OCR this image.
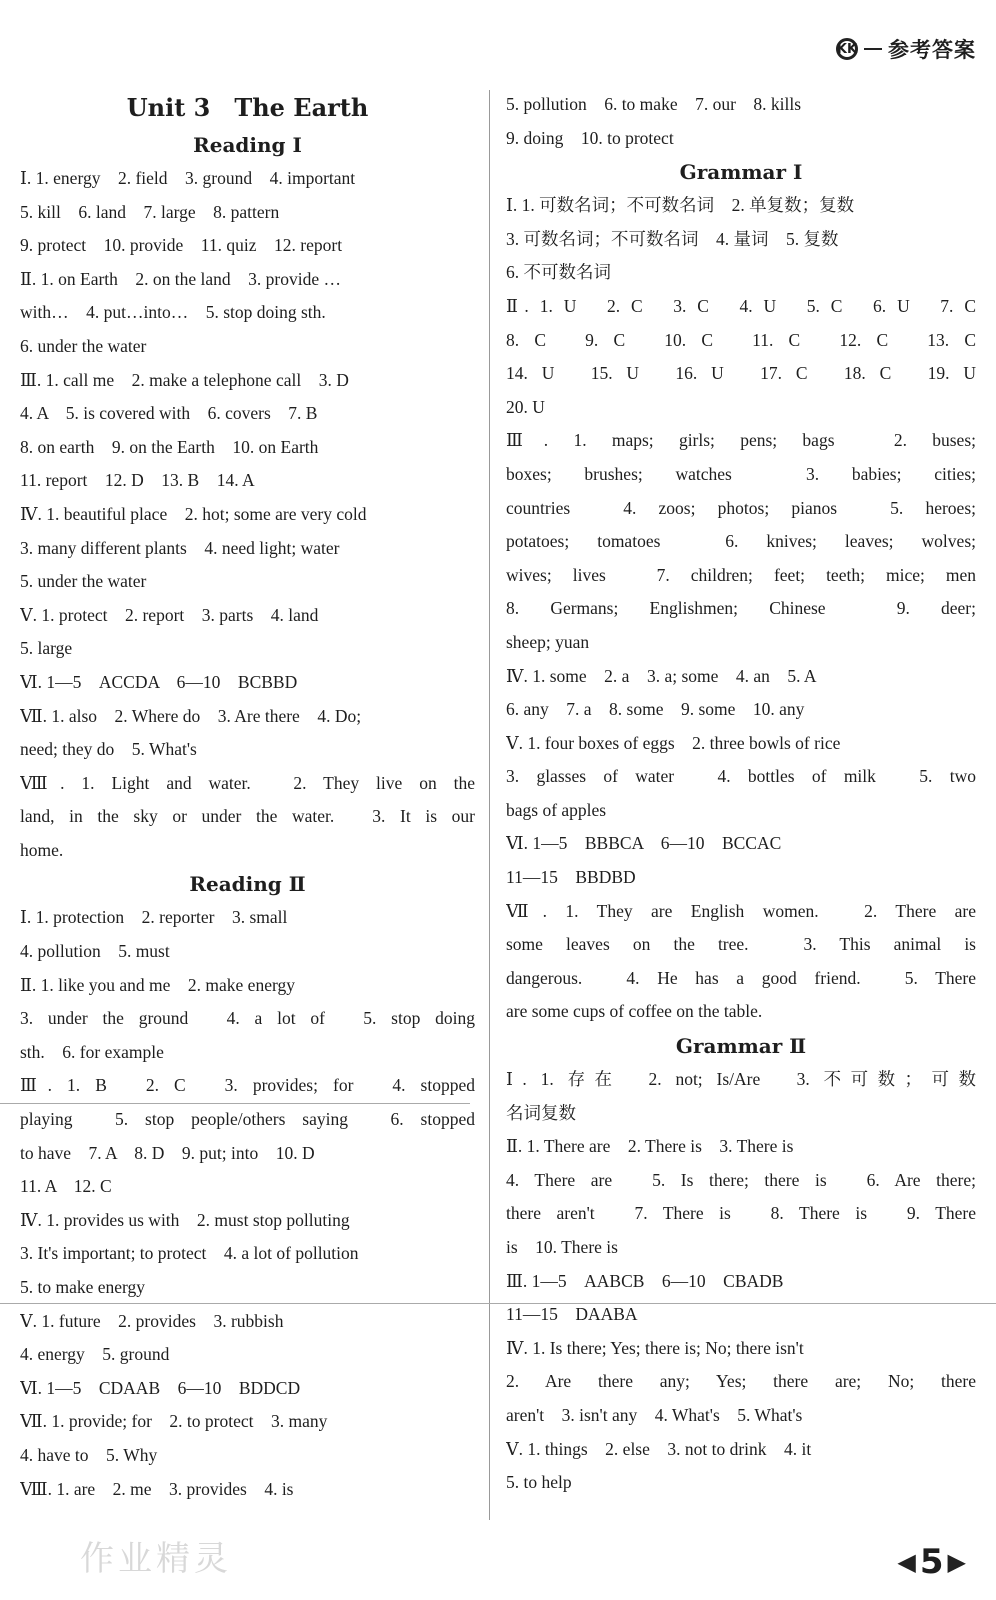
KK 参考答案
Unit 3　The Earth
Reading Ⅰ
Ⅰ. 1. energy　2. field　3. ground　4. important
5. kill　6. land　7. large　8. pattern
9. protect　10. provide　11. quiz　12. report
Ⅱ. 1. on Earth　2. on the land　3. provide …
with…　4. put…into…　5. stop doing sth.
6. under the water
Ⅲ. 1. call me　2. make a telephone call　3. D
4. A　5. is covered with　6. covers　7. B
8. on earth　9. on the Earth　10. on Earth
11. report　12. D　13. B　14. A
Ⅳ. 1. beautiful place　2. hot; some are very cold
3. many different plants　4. need light; water
5. under the water
Ⅴ. 1. protect　2. report　3. parts　4. land
5. large
Ⅵ. 1—5　ACCDA　6—10　BCBBD
Ⅶ. 1. also　2. Where do　3. Are there　4. Do;
need; they do　5. What's
Ⅷ. 1. Light and water.　2. They live on the
land, in the sky or under the water.　3. It is our
home.
Reading Ⅱ
Ⅰ. 1. protection　2. reporter　3. small
4. pollution　5. must
Ⅱ. 1. like you and me　2. make energy
3. under the ground　4. a lot of　5. stop doing
sth.　6. for example
Ⅲ. 1. B　2. C　3. provides; for　4. stopped
playing　5. stop people/others saying　6. stopped
to have　7. A　8. D　9. put; into　10. D
11. A　12. C
Ⅳ. 1. provides us with　2. must stop polluting
3. It's important; to protect　4. a lot of pollution
5. to make energy
Ⅴ. 1. future　2. provides　3. rubbish
4. energy　5. ground
Ⅵ. 1—5　CDAAB　6—10　BDDCD
Ⅶ. 1. provide; for　2. to protect　3. many
4. have to　5. Why
Ⅷ. 1. are　2. me　3. provides　4. is
5. pollution　6. to make　7. our　8. kills
9. doing　10. to protect
Grammar Ⅰ
Ⅰ. 1. 可数名词；不可数名词　2. 单复数；复数
3. 可数名词；不可数名词　4. 量词　5. 复数
6. 不可数名词
Ⅱ. 1. U　2. C　3. C　4. U　5. C　6. U　7. C
8. C　9. C　10. C　11. C　12. C　13. C
14. U　15. U　16. U　17. C　18. C　19. U
20. U
Ⅲ. 1. maps; girls; pens; bags　2. buses;
boxes; brushes; watches　3. babies; cities;
countries　4. zoos; photos; pianos　5. heroes;
potatoes; tomatoes　6. knives; leaves; wolves;
wives; lives　7. children; feet; teeth; mice; men
8. Germans; Englishmen; Chinese　9. deer;
sheep; yuan
Ⅳ. 1. some　2. a　3. a; some　4. an　5. A
6. any　7. a　8. some　9. some　10. any
Ⅴ. 1. four boxes of eggs　2. three bowls of rice
3. glasses of water　4. bottles of milk　5. two
bags of apples
Ⅵ. 1—5　BBBCA　6—10　BCCAC
11—15　BBDBD
Ⅶ. 1. They are English women.　2. There are
some leaves on the tree.　3. This animal is
dangerous.　4. He has a good friend.　5. There
are some cups of coffee on the table.
Grammar Ⅱ
Ⅰ. 1. 存在　2. not; Is/Are　3. 不可数；可数
名词复数
Ⅱ. 1. There are　2. There is　3. There is
4. There are　5. Is there; there is　6. Are there;
there aren't　7. There is　8. There is　9. There
is　10. There is
Ⅲ. 1—5　AABCB　6—10　CBADB
11—15　DAABA
Ⅳ. 1. Is there; Yes; there is; No; there isn't
2. Are there any; Yes; there are; No; there
aren't　3. isn't any　4. What's　5. What's
Ⅴ. 1. things　2. else　3. not to drink　4. it
5. to help
作业精灵	◀ 5 ▶
